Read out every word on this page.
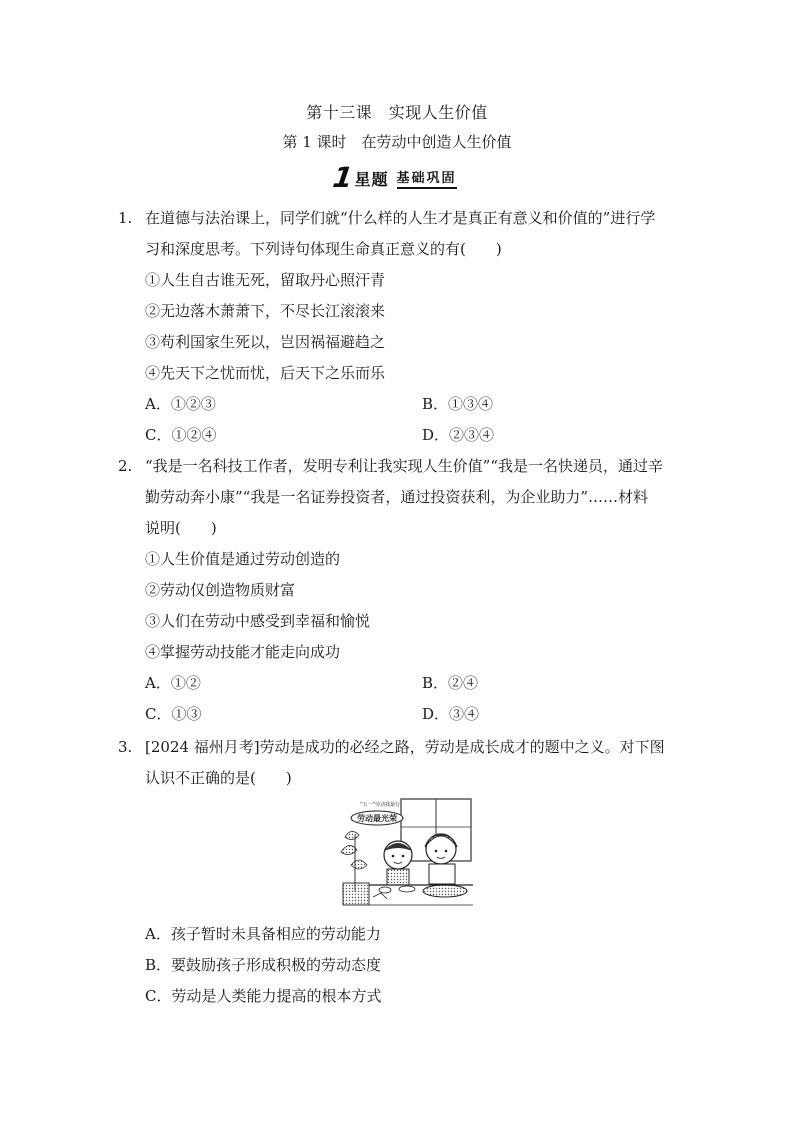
第十三课　实现人生价值
第 1 课时　在劳动中创造人生价值
1 星题 基础巩固
1. 在道德与法治课上，同学们就“什么样的人生才是真正有意义和价值的”进行学
习和深度思考。下列诗句体现生命真正意义的有(　　)
①人生自古谁无死，留取丹心照汗青
②无边落木萧萧下，不尽长江滚滚来
③苟利国家生死以，岂因祸福避趋之
④先天下之忧而忧，后天下之乐而乐
A．①②③	B．①③④
C．①②④	D．②③④
2. “我是一名科技工作者，发明专利让我实现人生价值”“我是一名快递员，通过辛
勤劳动奔小康”“我是一名证券投资者，通过投资获利，为企业助力”……材料
说明(　　)
①人生价值是通过劳动创造的
②劳动仅创造物质财富
③人们在劳动中感受到幸福和愉悦
④掌握劳动技能才能走向成功
A．①②	B．②④
C．①③	D．③④
3. [2024 福州月考]劳动是成功的必经之路，劳动是成长成才的题中之义。对下图
认识不正确的是(　　)
“五一”劳动我最行
劳动最光荣
A．孩子暂时未具备相应的劳动能力
B．要鼓励孩子形成积极的劳动态度
C．劳动是人类能力提高的根本方式
